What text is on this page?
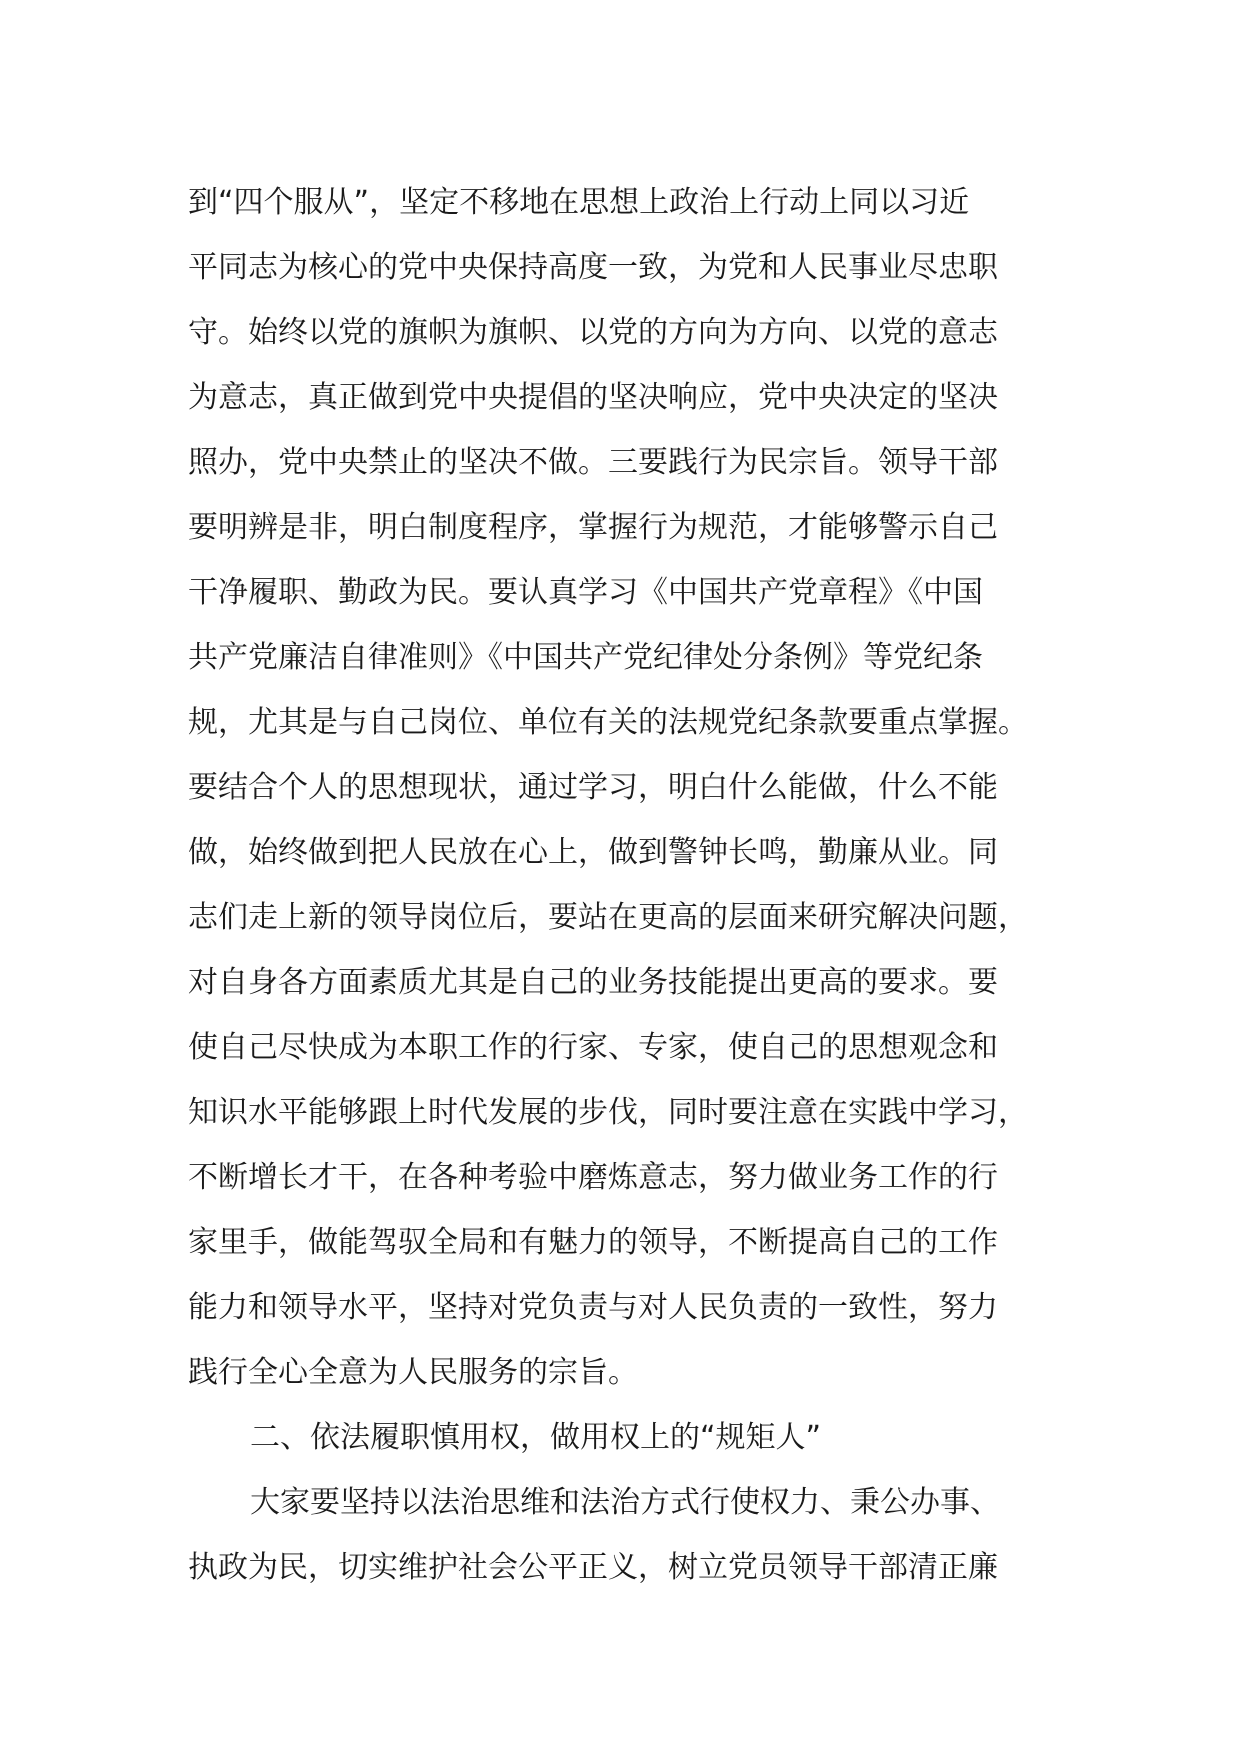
到“四个服从”，坚定不移地在思想上政治上行动上同以习近
平同志为核心的党中央保持高度一致，为党和人民事业尽忠职
守。始终以党的旗帜为旗帜、以党的方向为方向、以党的意志
为意志，真正做到党中央提倡的坚决响应，党中央决定的坚决
照办，党中央禁止的坚决不做。三要践行为民宗旨。领导干部
要明辨是非，明白制度程序，掌握行为规范，才能够警示自己
干净履职、勤政为民。要认真学习《中国共产党章程》《中国
共产党廉洁自律准则》《中国共产党纪律处分条例》等党纪条
规，尤其是与自己岗位、单位有关的法规党纪条款要重点掌握。
要结合个人的思想现状，通过学习，明白什么能做，什么不能
做，始终做到把人民放在心上，做到警钟长鸣，勤廉从业。同
志们走上新的领导岗位后，要站在更高的层面来研究解决问题，
对自身各方面素质尤其是自己的业务技能提出更高的要求。要
使自己尽快成为本职工作的行家、专家，使自己的思想观念和
知识水平能够跟上时代发展的步伐，同时要注意在实践中学习，
不断增长才干，在各种考验中磨炼意志，努力做业务工作的行
家里手，做能驾驭全局和有魅力的领导，不断提高自己的工作
能力和领导水平，坚持对党负责与对人民负责的一致性，努力
践行全心全意为人民服务的宗旨。
二、依法履职慎用权，做用权上的“规矩人”
大家要坚持以法治思维和法治方式行使权力、秉公办事、
执政为民，切实维护社会公平正义，树立党员领导干部清正廉
